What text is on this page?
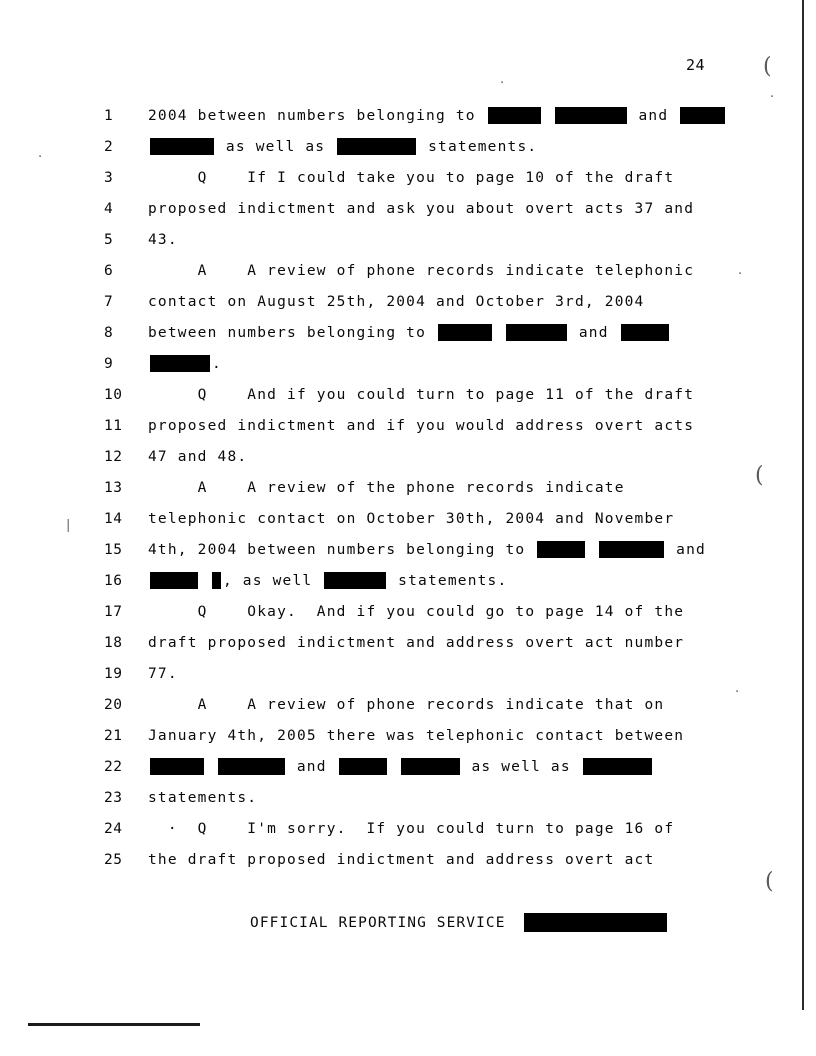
24	(
(
(
.
.
.
.
.
|
1	2004 between numbers belonging to
	and
2	as well as	statements.
3	Q    If I could take you to page 10 of the draft
4	proposed indictment and ask you about overt acts 37 and
5	43.
6	A    A review of phone records indicate telephonic
7	contact on August 25th, 2004 and October 3rd, 2004
8	between numbers belonging to
	and
9	.
10	Q    And if you could turn to page 11 of the draft
11	proposed indictment and if you would address overt acts
12	47 and 48.
13	A    A review of the phone records indicate
14	telephonic contact on October 30th, 2004 and November
15	4th, 2004 between numbers belonging to
	and
16
	, as well	statements.
17	Q    Okay.  And if you could go to page 14 of the
18	draft proposed indictment and address overt act number
19	77.
20	A    A review of phone records indicate that on
21	January 4th, 2005 there was telephonic contact between
22
	and
	as well as
23	statements.
24	·  Q    I'm sorry.  If you could turn to page 16 of
25	the draft proposed indictment and address overt act
OFFICIAL REPORTING SERVICE
